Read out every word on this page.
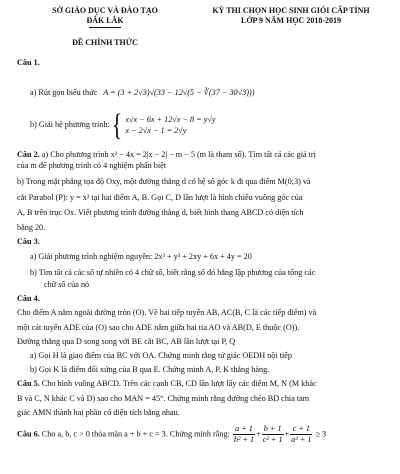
SỞ GIÁO DỤC VÀ ĐÀO TẠO
ĐẮK LẮK
ĐỀ CHÍNH THỨC
KỲ THI CHỌN HỌC SINH GIỎI CẤP TỈNH
LỚP 9 NĂM HỌC 2018-2019
Câu 1.
a) Rút gọn biểu thức A = (3 + 2√3)√(33 − 12√(5 − ∛(37 − 30√3)))
b) Giải hệ phương trình: { x√x − 6x + 12√x − 8 = y√y
x − 2√x − 1 = 2√y
Câu 2. a) Cho phương trình x² − 4x = 2|x − 2| − m − 5 (m là tham số). Tìm tất cả các giá trị
của m để phương trình có 4 nghiệm phân biệt
b) Trong mặt phẳng tọa độ Oxy, một đường thẳng d có hệ số góc k đi qua điểm M(0;3) và
cắt Parabol (P): y = x² tại hai điểm A, B. Gọi C, D lần lượt là hình chiếu vuông góc của
A, B trên trục Ox. Viết phương trình đường thẳng d, biết hình thang ABCD có diện tích
bằng 20.
Câu 3.
a) Giải phương trình nghiệm nguyên: 2x³ + y³ + 2xy + 6x + 4y = 20
b) Tìm tất cả các số tự nhiên có 4 chữ số, biết rằng số đó bằng lập phương của tổng các
chữ số của nó
Câu 4.
Cho điểm A nằm ngoài đường tròn (O). Vẽ hai tiếp tuyến AB, AC(B, C là các tiếp điểm) và
một cát tuyến ADE của (O) sao cho ADE nằm giữa hai tia AO và AB(D, E thuộc (O)).
Đường thẳng qua D song song với BE cắt BC, AB lần lượt tại P, Q
a) Gọi H là giao điểm của BC với OA. Chứng minh rằng tứ giác OEDH nội tiếp
b) Gọi K là điểm đối xứng của B qua E. Chứng minh A, P, K thẳng hàng.
Câu 5. Cho hình vuông ABCD. Trên các cạnh CB, CD lần lượt lấy các điểm M, N (M khác
B và C, N khác C và D) sao cho MAN = 45°. Chứng minh rằng đường chéo BD chia tam
giác AMN thành hai phần có diện tích bằng nhau.
Câu 6. Cho a, b, c > 0 thỏa mãn a + b + c = 3. Chứng minh rằng: $\frac{a + 1}{\text{b² + 1}} + \frac{b + 1}{\text{c² + 1}} + \frac{c + 1}{\text{a² + 1}} \ge 3$
